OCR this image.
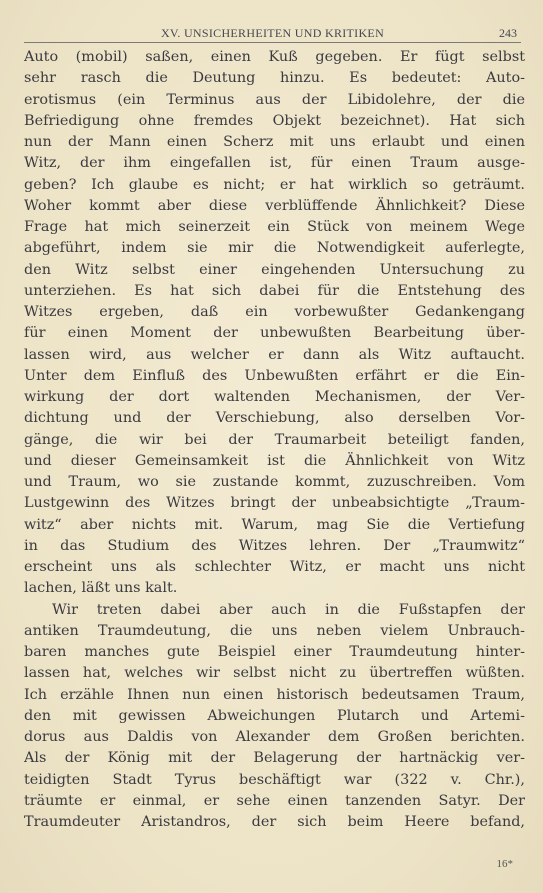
XV. UNSICHERHEITEN UND KRITIKEN	243
Auto (mobil) saßen, einen Kuß gegeben. Er fügt selbst
sehr rasch die Deutung hinzu. Es bedeutet: Auto-
erotismus (ein Terminus aus der Libidolehre, der die
Befriedigung ohne fremdes Objekt bezeichnet). Hat sich
nun der Mann einen Scherz mit uns erlaubt und einen
Witz, der ihm eingefallen ist, für einen Traum ausge-
geben? Ich glaube es nicht; er hat wirklich so geträumt.
Woher kommt aber diese verblüffende Ähnlichkeit? Diese
Frage hat mich seinerzeit ein Stück von meinem Wege
abgeführt, indem sie mir die Notwendigkeit auferlegte,
den Witz selbst einer eingehenden Untersuchung zu
unterziehen. Es hat sich dabei für die Entstehung des
Witzes ergeben, daß ein vorbewußter Gedankengang
für einen Moment der unbewußten Bearbeitung über-
lassen wird, aus welcher er dann als Witz auftaucht.
Unter dem Einfluß des Unbewußten erfährt er die Ein-
wirkung der dort waltenden Mechanismen, der Ver-
dichtung und der Verschiebung, also derselben Vor-
gänge, die wir bei der Traumarbeit beteiligt fanden,
und dieser Gemeinsamkeit ist die Ähnlichkeit von Witz
und Traum, wo sie zustande kommt, zuzuschreiben. Vom
Lustgewinn des Witzes bringt der unbeabsichtigte „Traum-
witz“ aber nichts mit. Warum, mag Sie die Vertiefung
in das Studium des Witzes lehren. Der „Traumwitz“
erscheint uns als schlechter Witz, er macht uns nicht
lachen, läßt uns kalt.
Wir treten dabei aber auch in die Fußstapfen der
antiken Traumdeutung, die uns neben vielem Unbrauch-
baren manches gute Beispiel einer Traumdeutung hinter-
lassen hat, welches wir selbst nicht zu übertreffen wüßten.
Ich erzähle Ihnen nun einen historisch bedeutsamen Traum,
den mit gewissen Abweichungen Plutarch und Artemi-
dorus aus Daldis von Alexander dem Großen berichten.
Als der König mit der Belagerung der hartnäckig ver-
teidigten Stadt Tyrus beschäftigt war (322 v. Chr.),
träumte er einmal, er sehe einen tanzenden Satyr. Der
Traumdeuter Aristandros, der sich beim Heere befand,
16*
